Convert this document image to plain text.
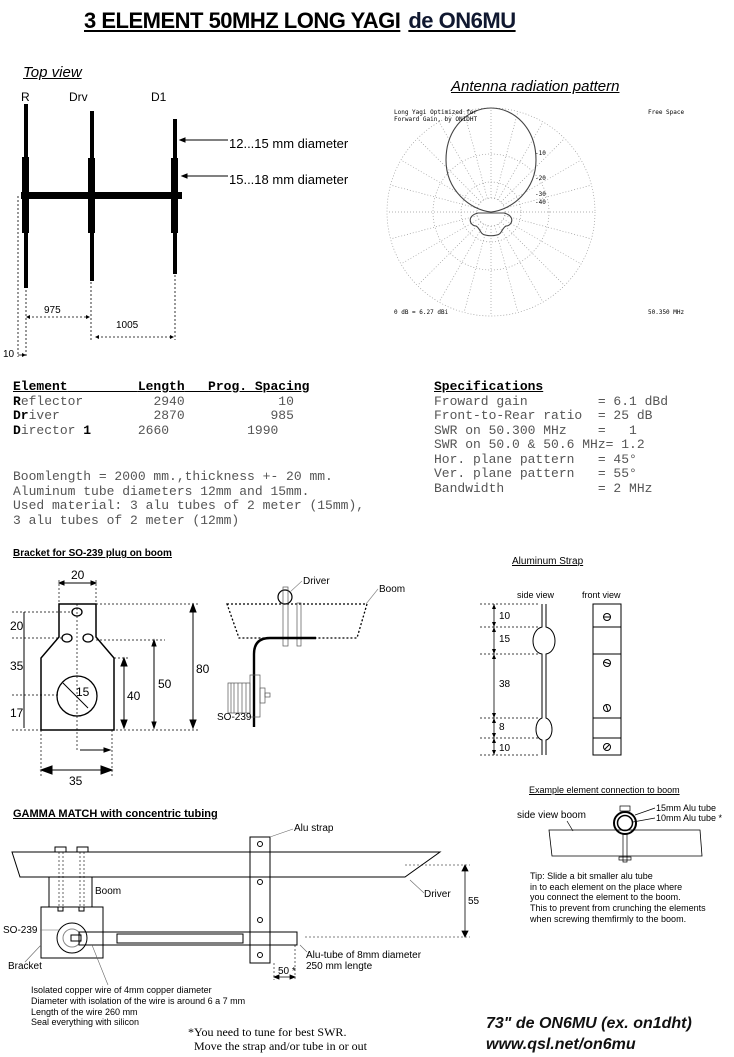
3 ELEMENT 50MHZ LONG YAGI de ON6MU
Top view
R	Drv	D1
12...15 mm diameter
15...18 mm diameter
975
1005
10
Antenna radiation pattern
Long Yagi Optimized for
Forward Gain, by ON1DHT
Free Space
-10
-20
-30
-40
0 dB = 6.27 dBi	50.350 MHz
Element	Length Prog. Spacing
Reflector	2940	10
Driver	2870	985
Director 1	2660	1990
Boomlength = 2000 mm.,thickness +- 20 mm.
Aluminum tube diameters 12mm and 15mm.
Used material: 3 alu tubes of 2 meter (15mm),
3 alu tubes of 2 meter (12mm)
Specifications
Froward gain         = 6.1 dBd
Front-to-Rear ratio  = 25 dB
SWR on 50.300 MHz    =   1
SWR on 50.0 & 50.6 MHz= 1.2
Hor. plane pattern   = 45°
Ver. plane pattern   = 55°
Bandwidth            = 2 MHz
Bracket for SO-239 plug on boom
20
20
35
17
15	40
50
80
35
Driver
Boom
SO-239
Aluminum Strap
side view	front view
10
15
38
8
10
Example element connection to boom
side view boom
15mm Alu tube
10mm Alu tube *
Tip: Slide a bit smaller alu tube
in to each element on the place where
you connect the element to the boom.
This to prevent from crunching the elements
when screwing themfirmly to the boom.
GAMMA MATCH with concentric tubing
Alu strap
Boom	Driver
SO-239
Bracket
55
50 *
Alu-tube of 8mm diameter
250 mm lengte
Isolated copper wire of 4mm copper diameter
Diameter with isolation of the wire is around 6 a 7 mm
Length of the wire 260 mm
Seal everything with silicon
*You need to tune for best SWR.
Move the strap and/or tube in or out
73" de ON6MU (ex. on1dht)
www.qsl.net/on6mu
